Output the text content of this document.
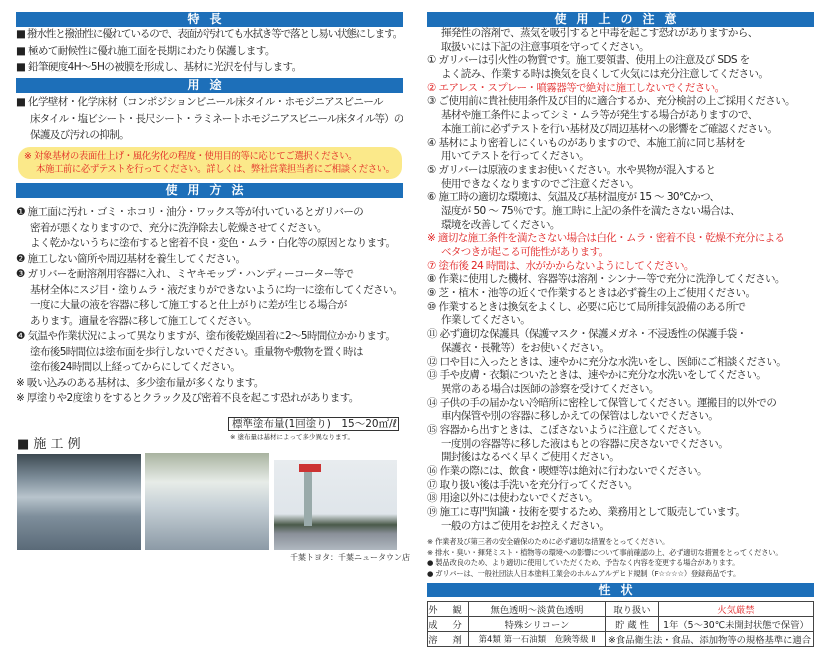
特長
■ 撥水性と撥油性に優れているので、表面が汚れても水拭き等で落とし易い状態にします。
■ 極めて耐候性に優れ施工面を長期にわたり保護します。
■ 鉛筆硬度4H～5Hの被膜を形成し、基材に光沢を付与します。
用途
■ 化学壁材・化学床材（コンポジションビニール床タイル・ホモジニアスビニール
床タイル・塩ビシート・長尺シート・ラミネートホモジニアスビニール床タイル等）の
保護及び汚れの抑制。
※ 対象基材の表面仕上げ・風化劣化の程度・使用目的等に応じてご選択ください。
本施工前に必ずテストを行ってください。詳しくは、弊社営業担当者にご相談ください。
使用方法
❶ 施工面に汚れ・ゴミ・ホコリ・油分・ワックス等が付いているとガリバーの
密着が悪くなりますので、充分に洗浄除去し乾燥させてください。
よく乾かないうちに塗布すると密着不良・変色・ムラ・白化等の原因となります。
❷ 施工しない箇所や周辺基材を養生してください。
❸ ガリバーを耐溶剤用容器に入れ、ミヤキモップ・ハンディーコーター等で
基材全体にスジ目・塗りムラ・液だまりができないように均一に塗布してください。
一度に大量の液を容器に移して施工すると仕上がりに差が生じる場合が
あります。適量を容器に移して施工してください。
❹ 気温や作業状況によって異なりますが、塗布後乾燥固着に2～5時間位かかります。
塗布後5時間位は塗布面を歩行しないでください。重量物や敷物を置く時は
塗布後24時間以上経ってからにしてください。
※ 吸い込みのある基材は、多少塗布量が多くなります。
※ 厚塗りや2度塗りをするとクラック及び密着不良を起こす恐れがあります。
標準塗布量(1回塗り)　15～20㎡/ℓ
※ 塗布量は基材によって多少異なります。
■ 施 工 例
千葉トヨタ：千葉ニュータウン店
使用上の注意
揮発性の溶剤で、蒸気を吸引すると中毒を起こす恐れがありますから、
取扱いには下記の注意事項を守ってください。
① ガリバーは引火性の物質です。施工要領書、使用上の注意及び SDS を
よく読み、作業する時は換気を良くして火気には充分注意してください。
② エアレス・スプレー・噴霧器等で絶対に施工しないでください。
③ ご使用前に貴社使用条件及び目的に適合するか、充分検討の上ご採用ください。
基材や施工条件によってシミ・ムラ等が発生する場合がありますので、
本施工前に必ずテストを行い基材及び周辺基材への影響をご確認ください。
④ 基材により密着しにくいものがありますので、本施工前に同じ基材を
用いてテストを行ってください。
⑤ ガリバーは原液のままお使いください。水や異物が混入すると
使用できなくなりますのでご注意ください。
⑥ 施工時の適切な環境は、気温及び基材温度が 15 ～ 30℃かつ、
湿度が 50 ～ 75％です。施工時に上記の条件を満たさない場合は、
環境を改善してください。
※ 適切な施工条件を満たさない場合は白化・ムラ・密着不良・乾燥不充分による
ベタつきが起こる可能性があります。
⑦ 塗布後 24 時間は、水がかからないようにしてください。
⑧ 作業に使用した機材、容器等は溶剤・シンナー等で充分に洗浄してください。
⑨ 芝・植木・池等の近くで作業するときは必ず養生の上ご使用ください。
⑩ 作業するときは換気をよくし、必要に応じて局所排気設備のある所で
作業してください。
⑪ 必ず適切な保護具（保護マスク・保護メガネ・不浸透性の保護手袋・
保護衣・長靴等）をお使いください。
⑫ 口や目に入ったときは、速やかに充分な水洗いをし、医師にご相談ください。
⑬ 手や皮膚・衣類についたときは、速やかに充分な水洗いをしてください。
異常のある場合は医師の診察を受けてください。
⑭ 子供の手の届かない冷暗所に密栓して保管してください。運搬目的以外での
車内保管や別の容器に移しかえての保管はしないでください。
⑮ 容器から出すときは、こぼさないように注意してください。
一度別の容器等に移した液はもとの容器に戻さないでください。
開封後はなるべく早くご使用ください。
⑯ 作業の際には、飲食・喫煙等は絶対に行わないでください。
⑰ 取り扱い後は手洗いを充分行ってください。
⑱ 用途以外には使わないでください。
⑲ 施工に専門知識・技術を要するため、業務用として販売しています。
一般の方はご使用をお控えください。
※ 作業者及び第三者の安全確保のために必ず適切な措置をとってください。
※ 排水・臭い・揮発ミスト・植物等の環境への影響について事前確認の上、必ず適切な措置をとってください。
● 製品改良のため、より適切に使用していただくため、予告なく内容を変更する場合があります。
● ガリバーは、一般社団法人日本塗料工業会のホルムアルデヒド規制（F☆☆☆☆）登録商品です。
性状
外 観	無色透明～淡黄色透明	取り扱い	火気厳禁
成 分	特殊シリコーン	貯 蔵 性	1年（5～30℃未開封状態で保管）
溶 剤	第4類 第一石油類　危険等級 Ⅱ	※食品衛生法・食品、添加物等の規格基準に適合	
